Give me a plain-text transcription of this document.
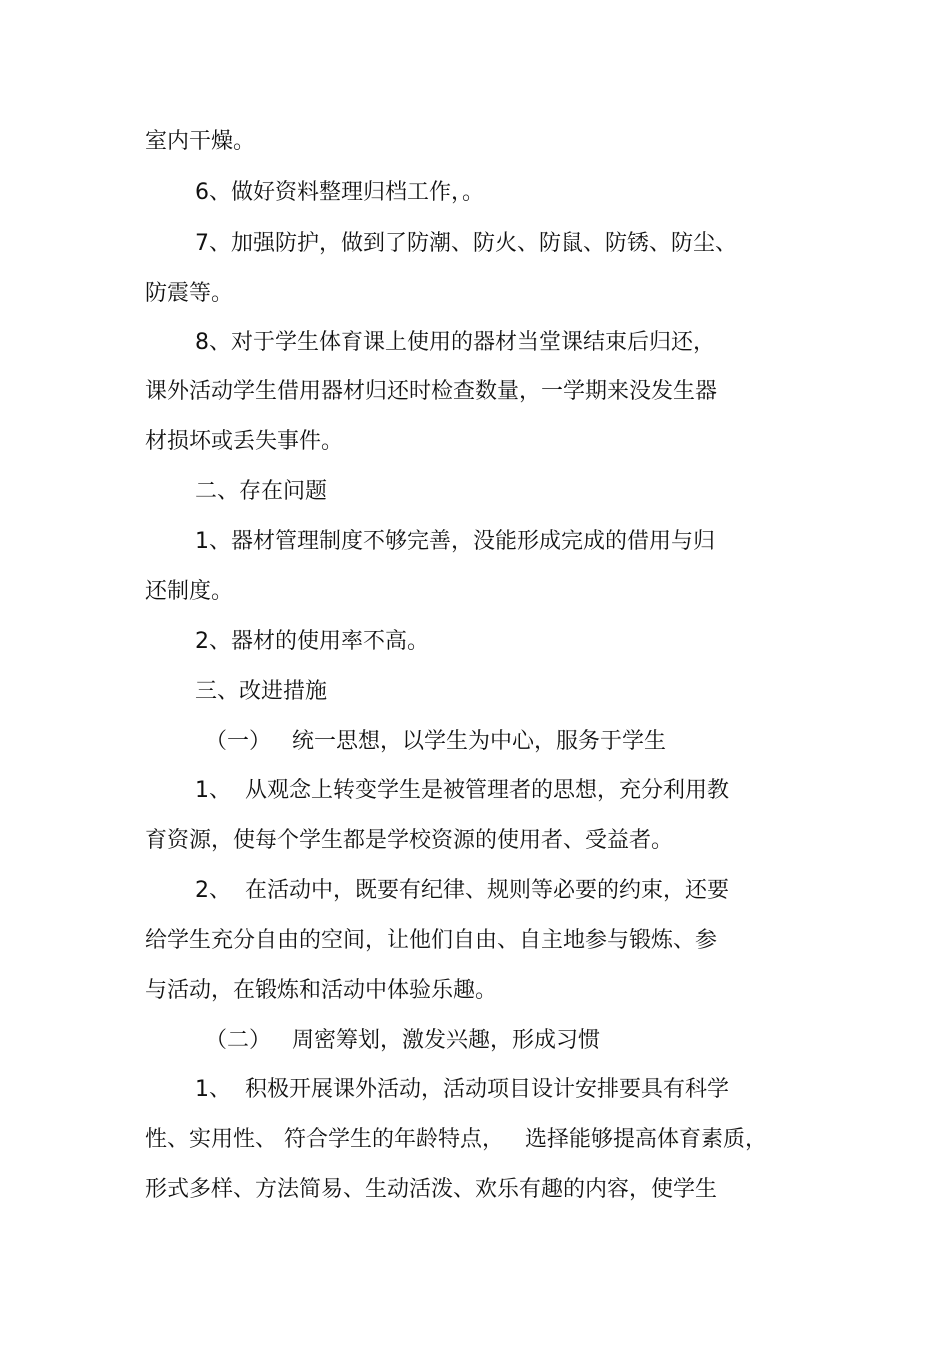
室内干燥。
6、做好资料整理归档工作，。
7、加强防护，做到了防潮、防火、防鼠、防锈、防尘、
防震等。
8、对于学生体育课上使用的器材当堂课结束后归还，
课外活动学生借用器材归还时检查数量，一学期来没发生器
材损坏或丢失事件。
二、存在问题
1、器材管理制度不够完善，没能形成完成的借用与归
还制度。
2、器材的使用率不高。
三、改进措施
（一）   统一思想，以学生为中心，服务于学生
1、  从观念上转变学生是被管理者的思想，充分利用教
育资源，使每个学生都是学校资源的使用者、受益者。
2、  在活动中，既要有纪律、规则等必要的约束，还要
给学生充分自由的空间，让他们自由、自主地参与锻炼、参
与活动，在锻炼和活动中体验乐趣。
（二）   周密筹划，激发兴趣，形成习惯
1、  积极开展课外活动，活动项目设计安排要具有科学
性、实用性、 符合学生的年龄特点，   选择能够提高体育素质，
形式多样、方法简易、生动活泼、欢乐有趣的内容，使学生
